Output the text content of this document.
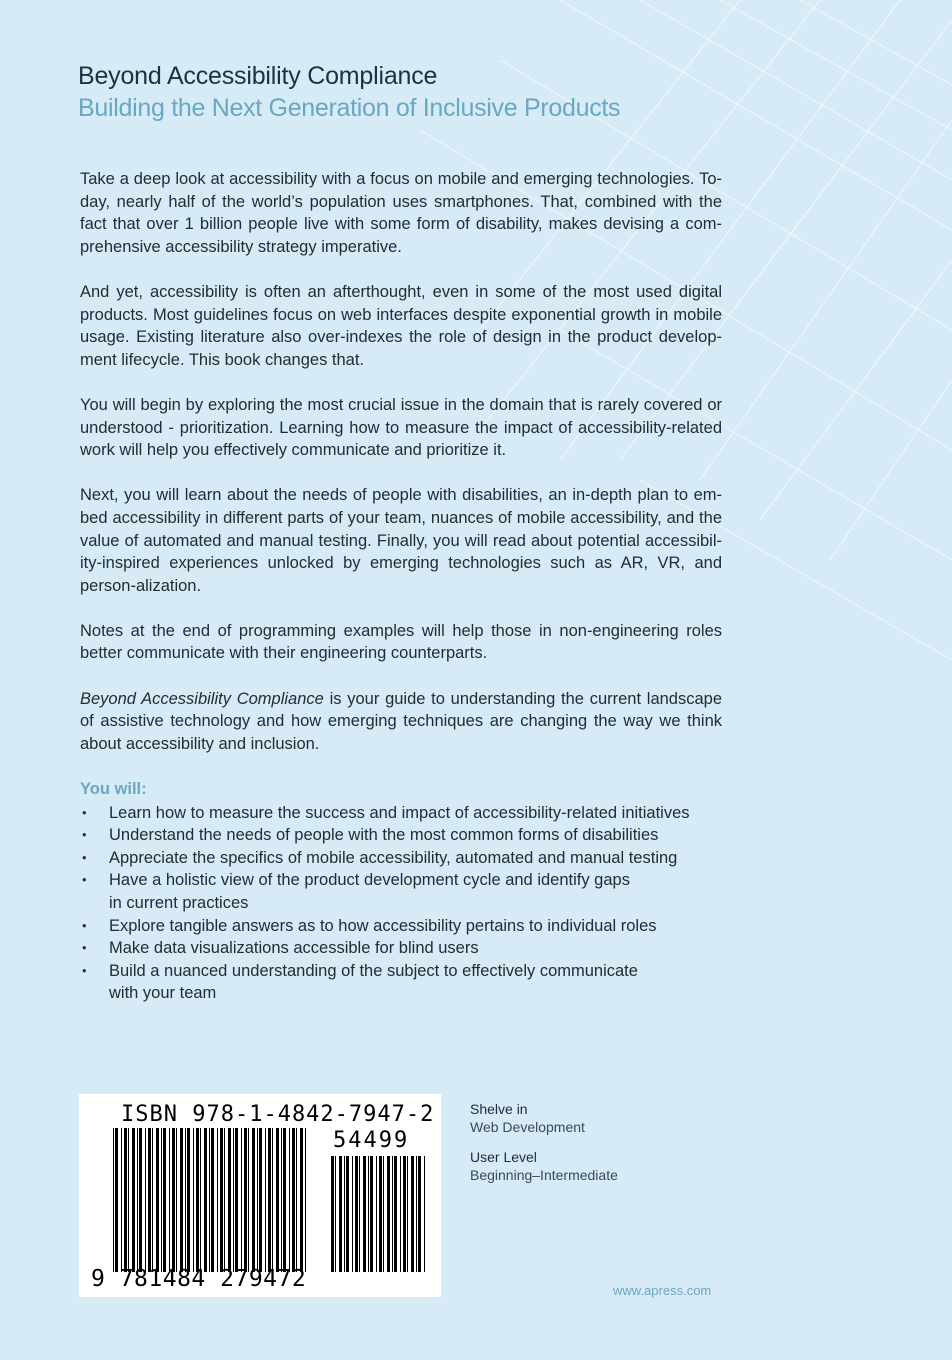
Beyond Accessibility Compliance
Building the Next Generation of Inclusive Products

Take a deep look at accessibility with a focus on mobile and emerging technologies. To-day, nearly half of the world’s population uses smartphones. That, combined with the fact that over 1 billion people live with some form of disability, makes devising a com-prehensive accessibility strategy imperative.

And yet, accessibility is often an afterthought, even in some of the most used digital products. Most guidelines focus on web interfaces despite exponential growth in mobile usage. Existing literature also over-indexes the role of design in the product develop-ment lifecycle. This book changes that.

You will begin by exploring the most crucial issue in the domain that is rarely covered or understood - prioritization. Learning how to measure the impact of accessibility-related work will help you effectively communicate and prioritize it.

Next, you will learn about the needs of people with disabilities, an in-depth plan to em-bed accessibility in different parts of your team, nuances of mobile accessibility, and the value of automated and manual testing. Finally, you will read about potential accessibil-ity-inspired experiences unlocked by emerging technologies such as AR, VR, and person-alization.

Notes at the end of programming examples will help those in non-engineering roles better communicate with their engineering counterparts.

Beyond Accessibility Compliance is your guide to understanding the current landscape of assistive technology and how emerging techniques are changing the way we think about accessibility and inclusion.

You will:
• Learn how to measure the success and impact of accessibility-related initiatives
• Understand the needs of people with the most common forms of disabilities
• Appreciate the specifics of mobile accessibility, automated and manual testing
• Have a holistic view of the product development cycle and identify gaps
in current practices
• Explore tangible answers as to how accessibility pertains to individual roles
• Make data visualizations accessible for blind users
• Build a nuanced understanding of the subject to effectively communicate
with your team
ISBN 978-1-4842-7947-2
54499
9 781484 279472
Shelve in
Web Development
User Level
Beginning–Intermediate
www.apress.com
